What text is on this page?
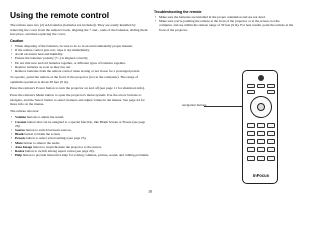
Using the remote control

The remote uses two (2) AA batteries (batteries not included). They are easily installed by removing the cover from the remote's back, aligning the + and - ends of the batteries, sliding them into place, and then replacing the cover.

Caution
• When disposing of the batteries, be sure to do so in an environmentally proper manner.
• If the remote control gets wet, wipe it dry immediately.
• Avoid excessive heat and humidity.
• Ensure the batteries' polarity (+/-) is aligned correctly.
• Do not mix new and old batteries together, or different types of batteries together.
• Replace batteries as soon as they run out.
• Remove batteries from the remote control when storing or not in use for a prolonged period.

To operate, point the remote at the front of the projector (not at the computer). The range of optimum operation is about 30 feet (9 m).

Press the remote's Power button to turn the projector on and off (see page 11 for shutdown info).

Press the remote's Menu button to open the projector's menu system. Use the arrow buttons to navigate, and the Select button to select features and adjust values in the menus. See page 24 for more info on the menus.

The remote also has:

• Volume buttons to adjust the sound.
• Custom button that can be assigned to a special function, like Blank Screen or Freeze (see page 26).
• Source button to switch between sources.
• Blank button to blank the screen.
• Presets button to select saved settings (see page 25).
• Mute button to silence the audio.
• Auto Image button to resynchronize the projector to the source.
• Resize button to switch among aspect ratios (see page 29).
• Help button to provide interactive help for solving common, picture, sound, and cabling problems.
Troubleshooting the remote
• Make sure the batteries are installed in the proper orientation and are not dead.
• Make sure you're pointing the remote at the front of the projector or at the screen, not the computer, and are within the remote range of 30 feet (9 m). For best results, point the remote at the front of the projector.
navigation buttons
InFocus
19
